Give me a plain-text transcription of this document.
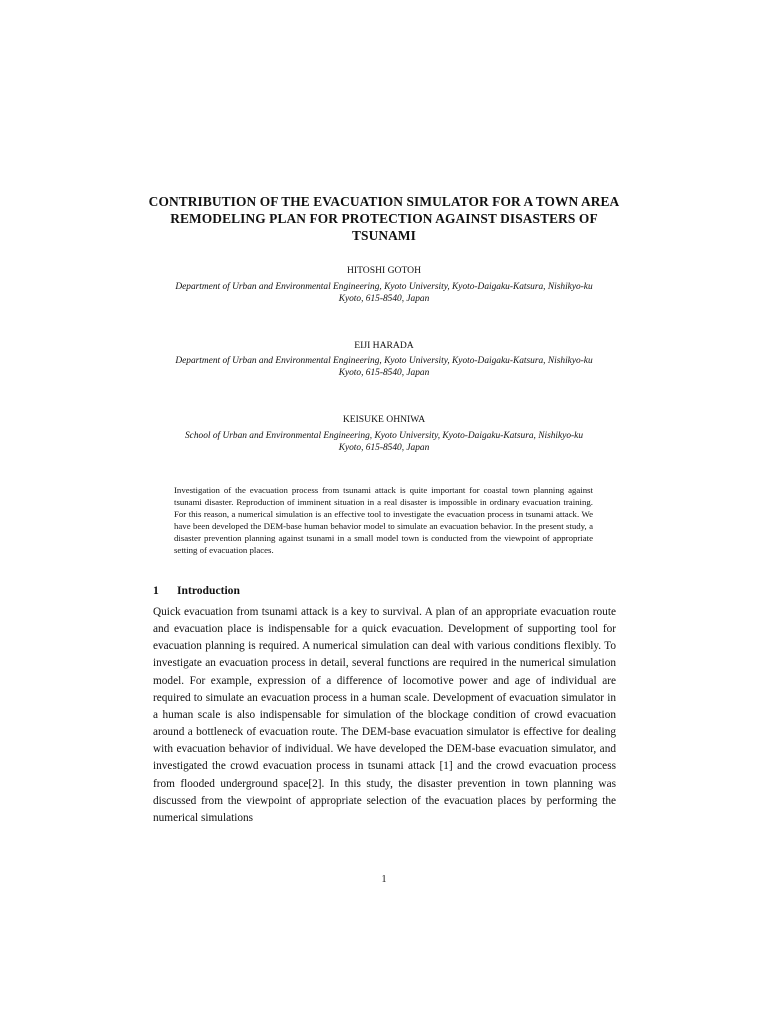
CONTRIBUTION OF THE EVACUATION SIMULATOR FOR A TOWN AREA REMODELING PLAN FOR PROTECTION AGAINST DISASTERS OF TSUNAMI
HITOSHI GOTOH
Department of Urban and Environmental Engineering, Kyoto University, Kyoto-Daigaku-Katsura, Nishikyo-ku
Kyoto, 615-8540, Japan
EIJI HARADA
Department of Urban and Environmental Engineering, Kyoto University, Kyoto-Daigaku-Katsura, Nishikyo-ku
Kyoto, 615-8540, Japan
KEISUKE OHNIWA
School of Urban and Environmental Engineering, Kyoto University, Kyoto-Daigaku-Katsura, Nishikyo-ku
Kyoto, 615-8540, Japan
Investigation of the evacuation process from tsunami attack is quite important for coastal town planning against tsunami disaster. Reproduction of imminent situation in a real disaster is impossible in ordinary evacuation training. For this reason, a numerical simulation is an effective tool to investigate the evacuation process in tsunami attack. We have been developed the DEM-base human behavior model to simulate an evacuation behavior. In the present study, a disaster prevention planning against tsunami in a small model town is conducted from the viewpoint of appropriate setting of evacuation places.
1 Introduction
Quick evacuation from tsunami attack is a key to survival. A plan of an appropriate evacuation route and evacuation place is indispensable for a quick evacuation. Development of supporting tool for evacuation planning is required. A numerical simulation can deal with various conditions flexibly. To investigate an evacuation process in detail, several functions are required in the numerical simulation model. For example, expression of a difference of locomotive power and age of individual are required to simulate an evacuation process in a human scale. Development of evacuation simulator in a human scale is also indispensable for simulation of the blockage condition of crowd evacuation around a bottleneck of evacuation route. The DEM-base evacuation simulator is effective for dealing with evacuation behavior of individual. We have developed the DEM-base evacuation simulator, and investigated the crowd evacuation process in tsunami attack [1] and the crowd evacuation process from flooded underground space[2]. In this study, the disaster prevention in town planning was discussed from the viewpoint of appropriate selection of the evacuation places by performing the numerical simulations
1
